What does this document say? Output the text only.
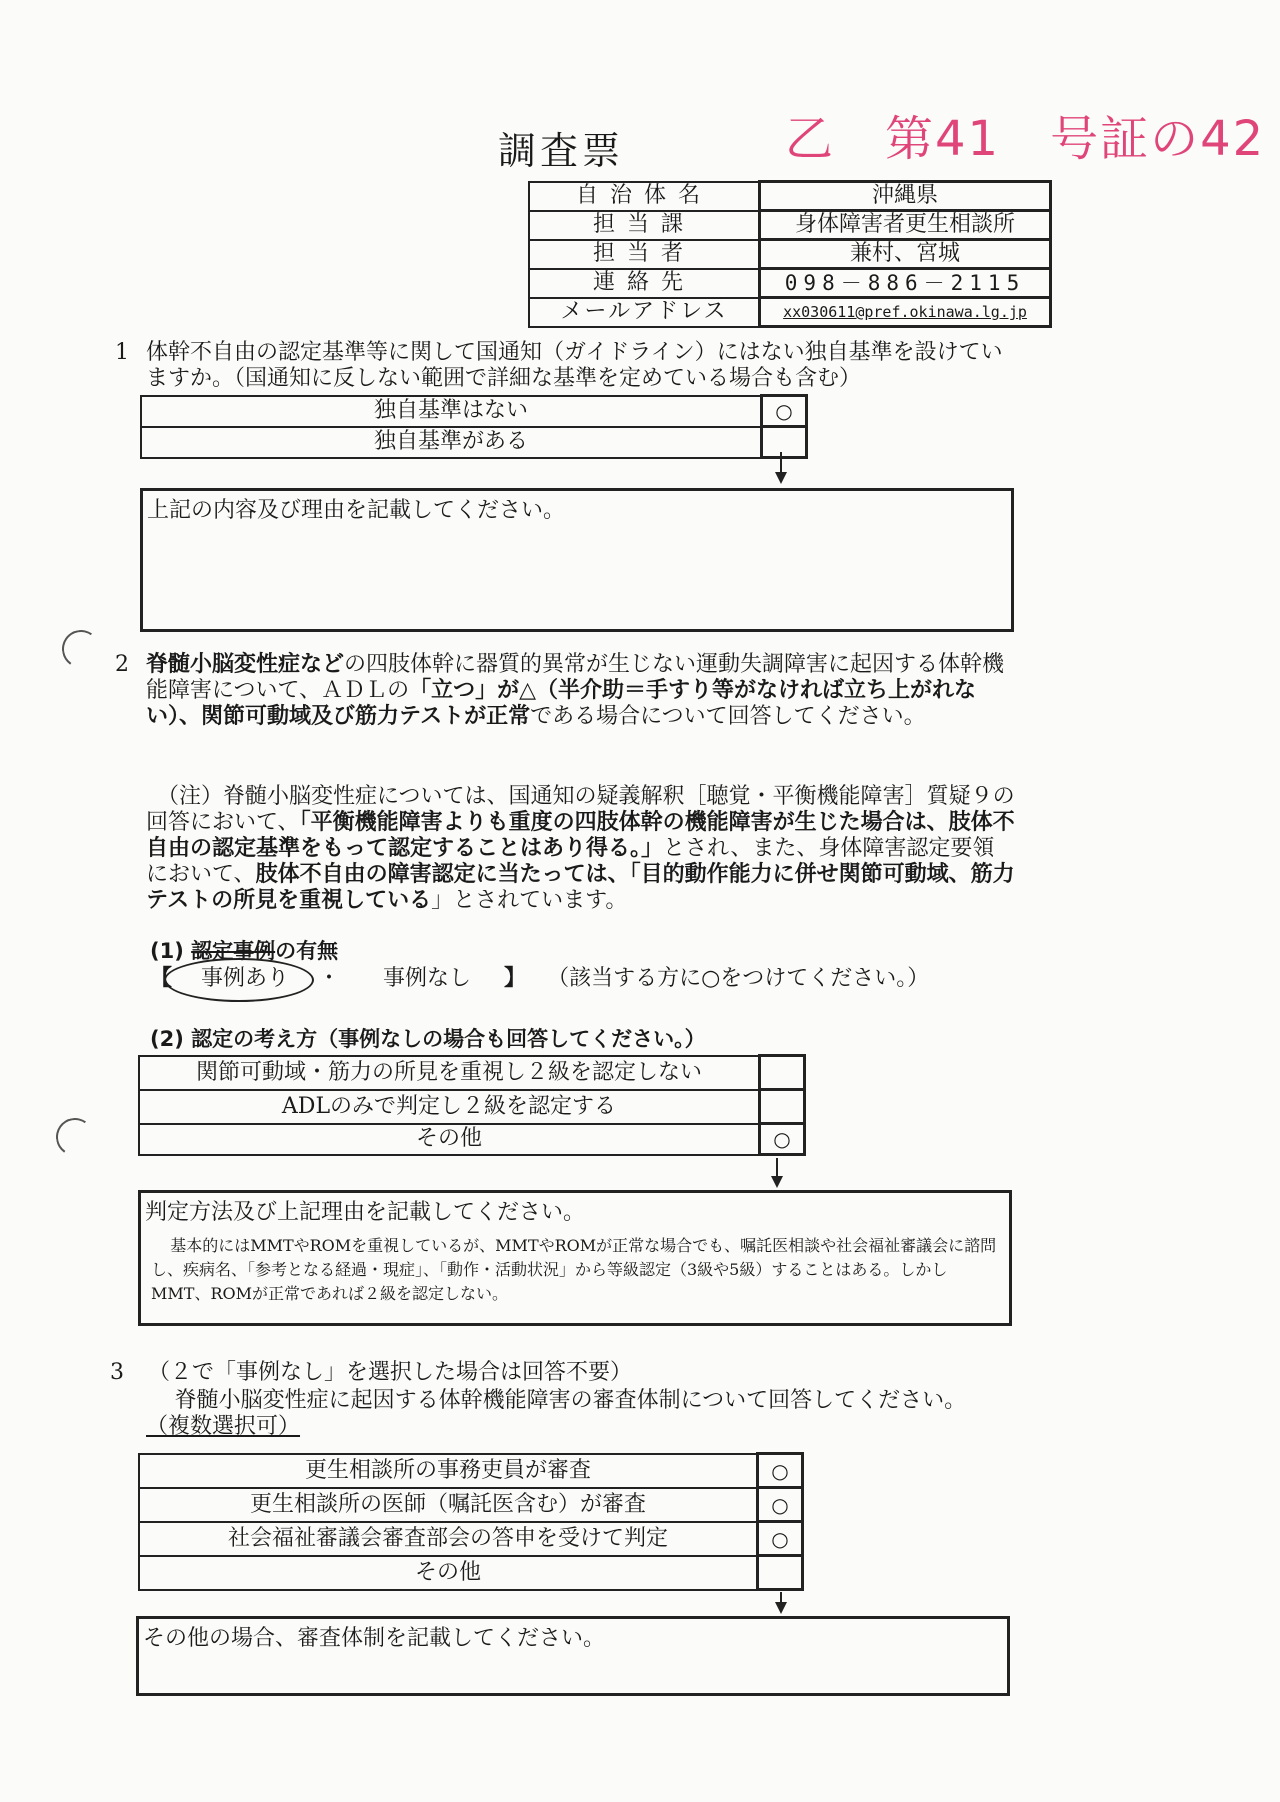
乙　第41　号証の42
調査票
自治体名	沖縄県
担当課	身体障害者更生相談所
担当者	兼村、宮城
連絡先	098－886－2115
メールアドレス	xx030611@pref.okinawa.lg.jp
1 体幹不自由の認定基準等に関して国通知（ガイドライン）にはない独自基準を設けていますか。（国通知に反しない範囲で詳細な基準を定めている場合も含む）
独自基準はない	○
独自基準がある	
上記の内容及び理由を記載してください。
2 脊髄小脳変性症などの四肢体幹に器質的異常が生じない運動失調障害に起因する体幹機能障害について、ＡＤＬの「立つ」が△（半介助＝手すり等がなければ立ち上がれない）、関節可動域及び筋力テストが正常である場合について回答してください。
（注）脊髄小脳変性症については、国通知の疑義解釈［聴覚・平衡機能障害］質疑９の回答において、「平衡機能障害よりも重度の四肢体幹の機能障害が生じた場合は、肢体不自由の認定基準をもって認定することはあり得る。」とされ、また、身体障害認定要領において、肢体不自由の障害認定に当たっては、「目的動作能力に併せ関節可動域、筋力テストの所見を重視している」とされています。
(1) 認定事例の有無
【 事例あり ・ 事例なし 】 （該当する方に○をつけてください。）
(2) 認定の考え方（事例なしの場合も回答してください。）
関節可動域・筋力の所見を重視し２級を認定しない	
ADLのみで判定し２級を認定する	
その他	○
判定方法及び上記理由を記載してください。
基本的にはMMTやROMを重視しているが、MMTやROMが正常な場合でも、嘱託医相談や社会福祉審議会に諮問し、疾病名、「参考となる経過・現症」、「動作・活動状況」から等級認定（3級や5級）することはある。しかしMMT、ROMが正常であれば２級を認定しない。
3 （２で「事例なし」を選択した場合は回答不要）
脊髄小脳変性症に起因する体幹機能障害の審査体制について回答してください。（複数選択可）
更生相談所の事務吏員が審査	○
更生相談所の医師（嘱託医含む）が審査	○
社会福祉審議会審査部会の答申を受けて判定	○
その他	
その他の場合、審査体制を記載してください。
